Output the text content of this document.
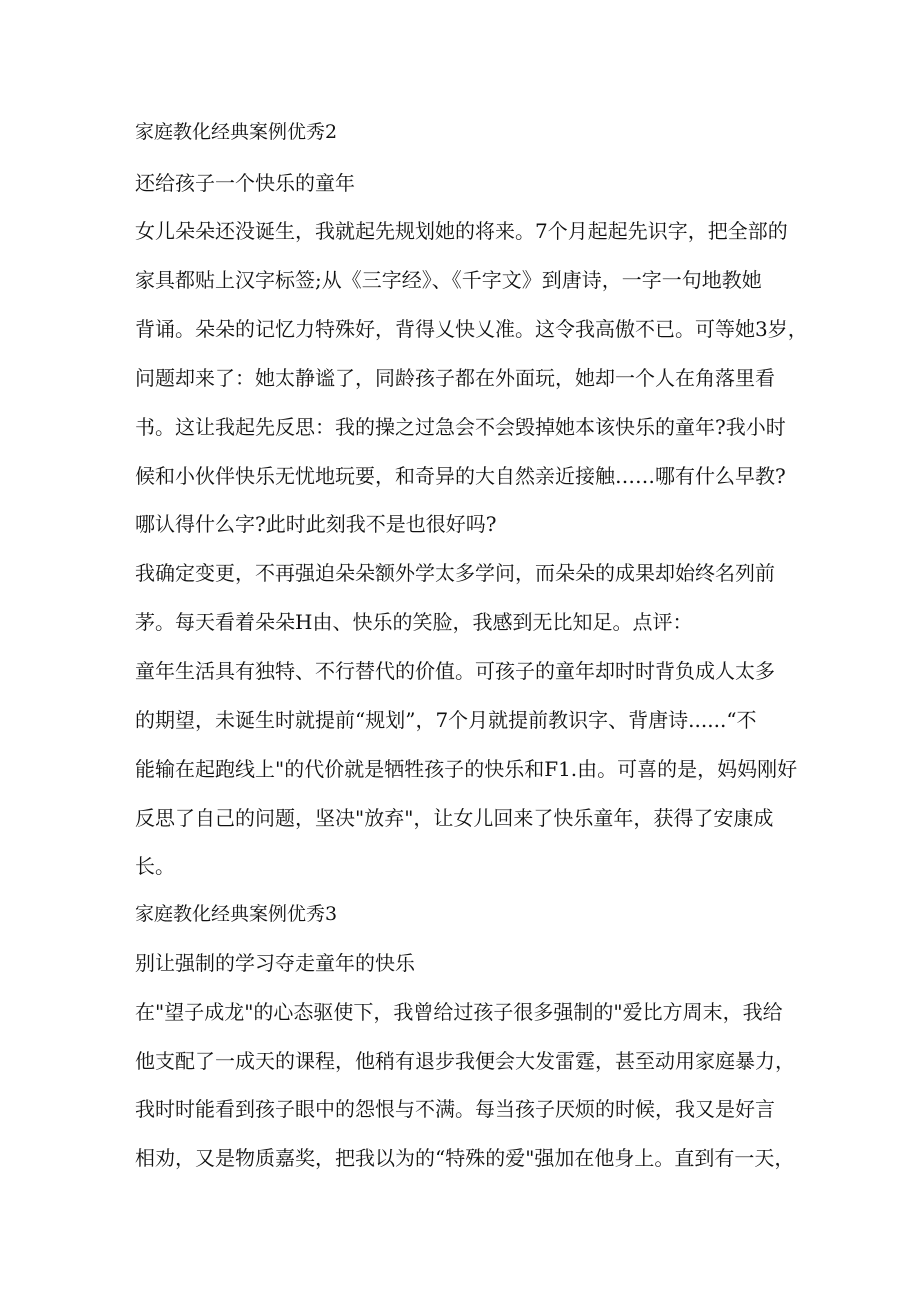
家庭教化经典案例优秀2
还给孩子一个快乐的童年
女儿朵朵还没诞生，我就起先规划她的将来。7个月起起先识字，把全部的
家具都贴上汉字标签;从《三字经》、《千字文》到唐诗，一字一句地教她
背诵。朵朵的记忆力特殊好，背得乂快乂准。这令我高傲不已。可等她3岁，
问题却来了：她太静谧了，同龄孩子都在外面玩，她却一个人在角落里看
书。这让我起先反思：我的操之过急会不会毁掉她本该快乐的童年?我小时
候和小伙伴快乐无忧地玩要，和奇异的大自然亲近接触……哪有什么早教?
哪认得什么字?此时此刻我不是也很好吗?
我确定变更，不再强迫朵朵额外学太多学问，而朵朵的成果却始终名列前
茅。每天看着朵朵H由、快乐的笑脸，我感到无比知足。点评：
童年生活具有独特、不行替代的价值。可孩子的童年却时时背负成人太多
的期望，未诞生时就提前“规划”，7个月就提前教识字、背唐诗......“不
能输在起跑线上"的代价就是牺牲孩子的快乐和F1.由。可喜的是，妈妈刚好
反思了自己的问题，坚决"放弃"，让女儿回来了快乐童年，获得了安康成
长。
家庭教化经典案例优秀3
别让强制的学习夺走童年的快乐
在"望子成龙"的心态驱使下，我曾给过孩子很多强制的"爱比方周末，我给
他支配了一成天的课程，他稍有退步我便会大发雷霆，甚至动用家庭暴力，
我时时能看到孩子眼中的怨恨与不满。每当孩子厌烦的时候，我又是好言
相劝，又是物质嘉奖，把我以为的“特殊的爱"强加在他身上。直到有一天，
